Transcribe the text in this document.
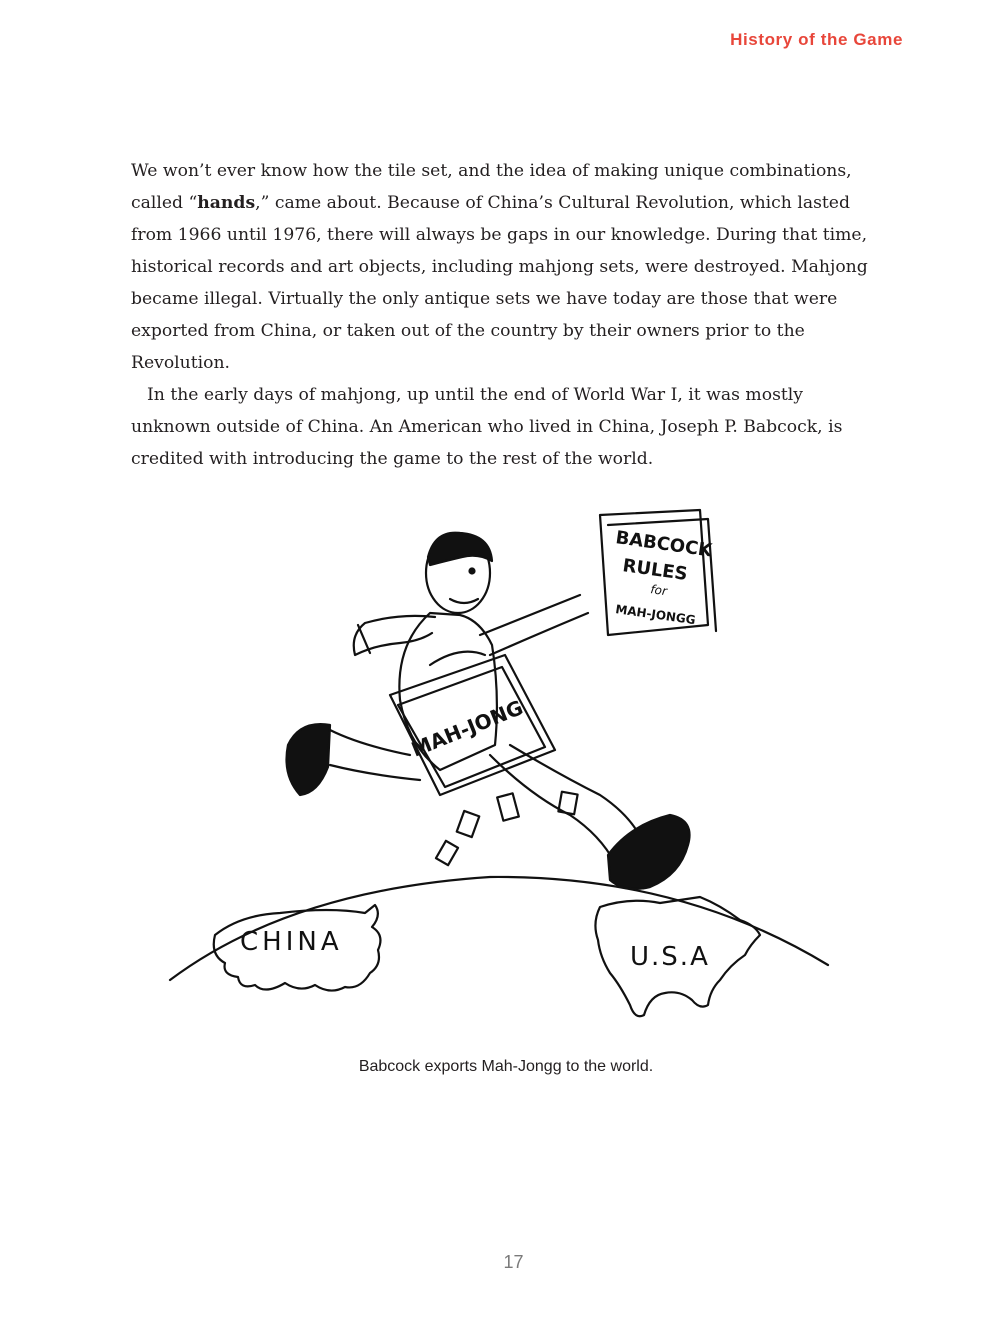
History of the Game

We won’t ever know how the tile set, and the idea of making unique combinations, called “hands,” came about. Because of China’s Cultural Revolution, which lasted from 1966 until 1976, there will always be gaps in our knowledge. During that time, historical records and art objects, including mahjong sets, were destroyed. Mahjong became illegal. Virtually the only antique sets we have today are those that were exported from China, or taken out of the country by their owners prior to the Revolution.

In the early days of mahjong, up until the end of World War I, it was mostly unknown outside of China. An American who lived in China, Joseph P. Babcock, is credited with introducing the game to the rest of the world.

BABCOCK
RULES
for
MAH-JONGG
MAH-JONG
CHINA	U.S.A
Babcock exports Mah-Jongg to the world.
17
